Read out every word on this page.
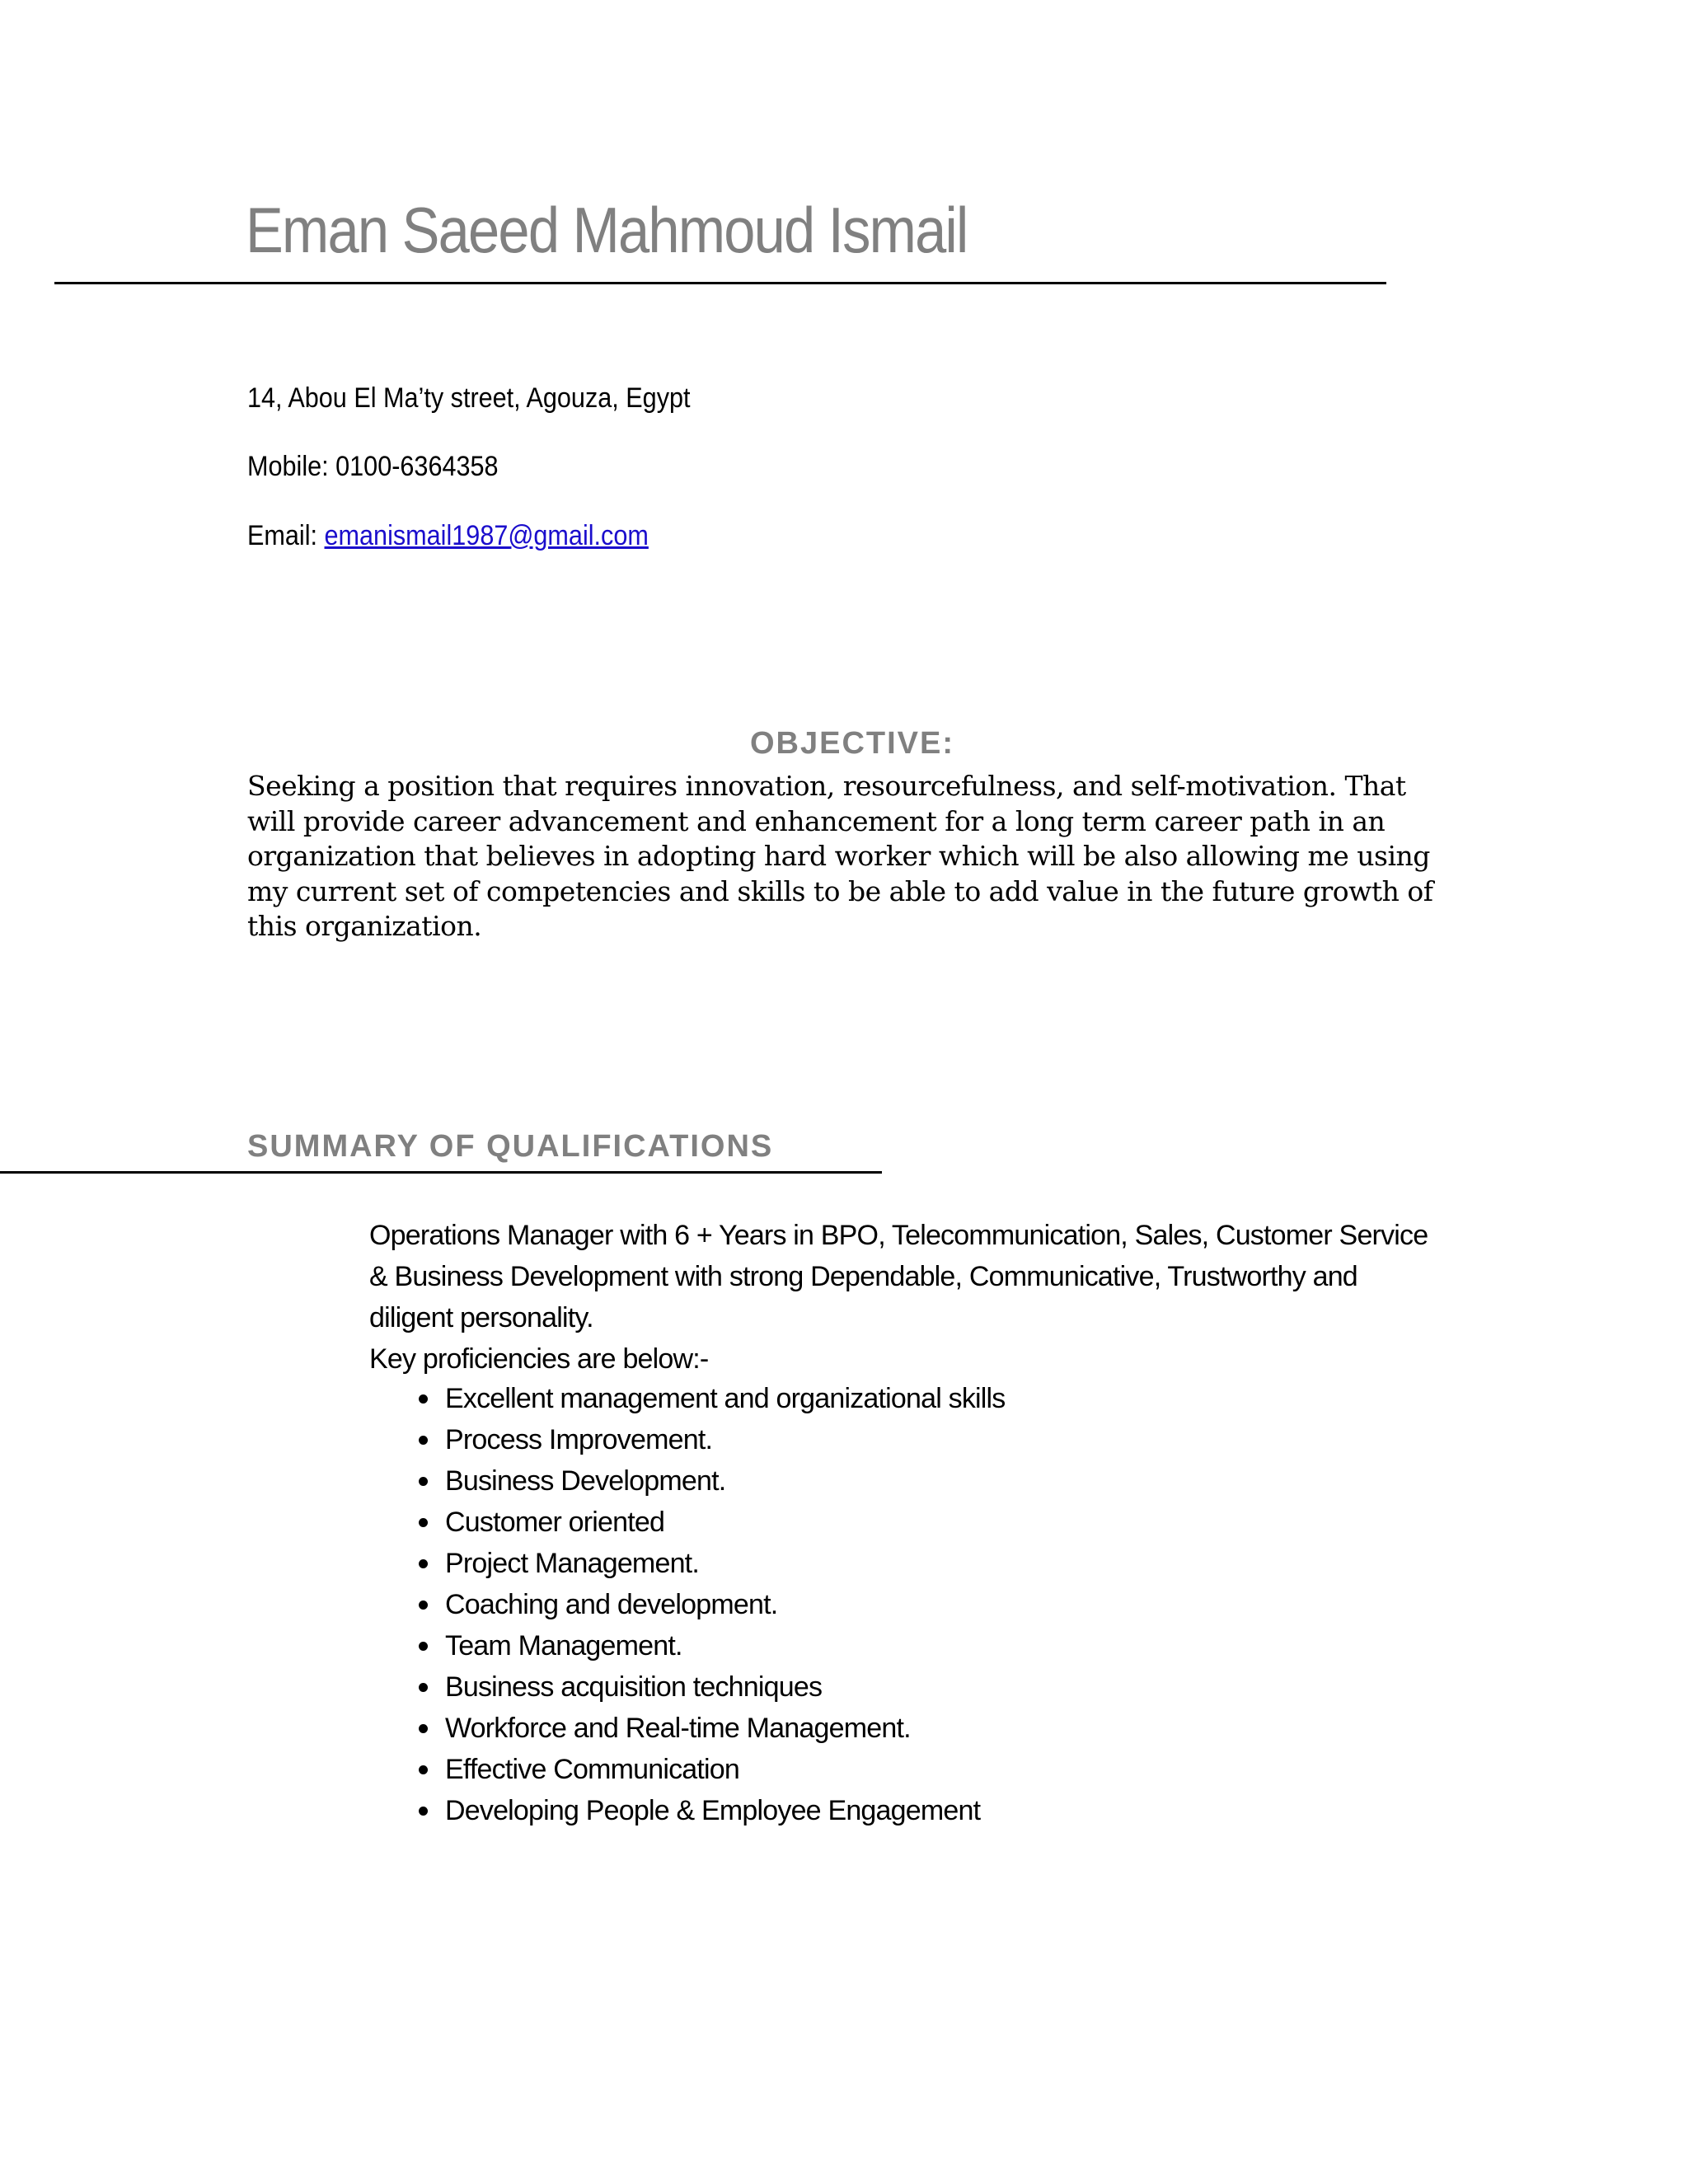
Eman Saeed Mahmoud Ismail
14, Abou El Ma’ty street, Agouza, Egypt
Mobile: 0100-6364358
Email: emanismail1987@gmail.com
OBJECTIVE:
Seeking a position that requires innovation, resourcefulness, and self-motivation. That will provide career advancement and enhancement for a long term career path in an organization that believes in adopting hard worker which will be also allowing me using my current set of competencies and skills to be able to add value in the future growth of this organization.
SUMMARY OF QUALIFICATIONS

Operations Manager with 6 + Years in BPO, Telecommunication, Sales, Customer Service & Business Development with strong Dependable, Communicative, Trustworthy and diligent personality.

Key proficiencies are below:-

Excellent management and organizational skills
Process Improvement.
Business Development.
Customer oriented
Project Management.
Coaching and development.
Team Management.
Business acquisition techniques
Workforce and Real-time Management.
Effective Communication
Developing People & Employee Engagement
